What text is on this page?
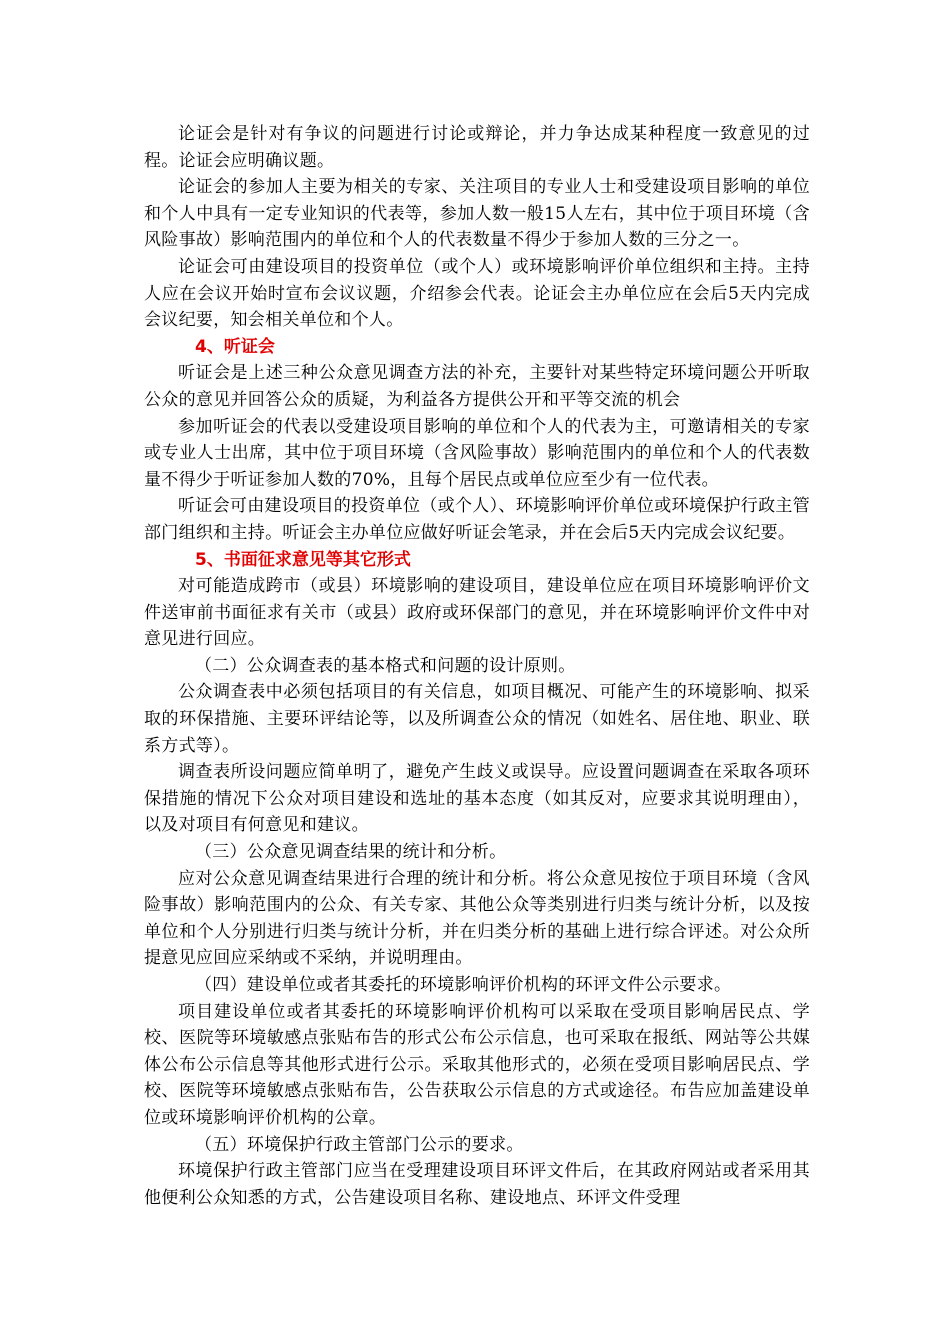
论证会是针对有争议的问题进行讨论或辩论，并力争达成某种程度一致意见的过程。论证会应明确议题。

论证会的参加人主要为相关的专家、关注项目的专业人士和受建设项目影响的单位和个人中具有一定专业知识的代表等，参加人数一般15人左右，其中位于项目环境（含风险事故）影响范围内的单位和个人的代表数量不得少于参加人数的三分之一。

论证会可由建设项目的投资单位（或个人）或环境影响评价单位组织和主持。主持人应在会议开始时宣布会议议题，介绍参会代表。论证会主办单位应在会后5天内完成会议纪要，知会相关单位和个人。

4、听证会

听证会是上述三种公众意见调查方法的补充，主要针对某些特定环境问题公开听取公众的意见并回答公众的质疑，为利益各方提供公开和平等交流的机会

参加听证会的代表以受建设项目影响的单位和个人的代表为主，可邀请相关的专家或专业人士出席，其中位于项目环境（含风险事故）影响范围内的单位和个人的代表数量不得少于听证参加人数的70%，且每个居民点或单位应至少有一位代表。

听证会可由建设项目的投资单位（或个人）、环境影响评价单位或环境保护行政主管部门组织和主持。听证会主办单位应做好听证会笔录，并在会后5天内完成会议纪要。

5、书面征求意见等其它形式

对可能造成跨市（或县）环境影响的建设项目，建设单位应在项目环境影响评价文件送审前书面征求有关市（或县）政府或环保部门的意见，并在环境影响评价文件中对意见进行回应。

（二）公众调查表的基本格式和问题的设计原则。

公众调查表中必须包括项目的有关信息，如项目概况、可能产生的环境影响、拟采取的环保措施、主要环评结论等，以及所调查公众的情况（如姓名、居住地、职业、联系方式等）。

调查表所设问题应简单明了，避免产生歧义或误导。应设置问题调查在采取各项环保措施的情况下公众对项目建设和选址的基本态度（如其反对，应要求其说明理由），以及对项目有何意见和建议。

（三）公众意见调查结果的统计和分析。

应对公众意见调查结果进行合理的统计和分析。将公众意见按位于项目环境（含风险事故）影响范围内的公众、有关专家、其他公众等类别进行归类与统计分析，以及按单位和个人分别进行归类与统计分析，并在归类分析的基础上进行综合评述。对公众所提意见应回应采纳或不采纳，并说明理由。

（四）建设单位或者其委托的环境影响评价机构的环评文件公示要求。

项目建设单位或者其委托的环境影响评价机构可以采取在受项目影响居民点、学校、医院等环境敏感点张贴布告的形式公布公示信息，也可采取在报纸、网站等公共媒体公布公示信息等其他形式进行公示。采取其他形式的，必须在受项目影响居民点、学校、医院等环境敏感点张贴布告，公告获取公示信息的方式或途径。布告应加盖建设单位或环境影响评价机构的公章。

（五）环境保护行政主管部门公示的要求。

环境保护行政主管部门应当在受理建设项目环评文件后，在其政府网站或者采用其他便利公众知悉的方式，公告建设项目名称、建设地点、环评文件受理
